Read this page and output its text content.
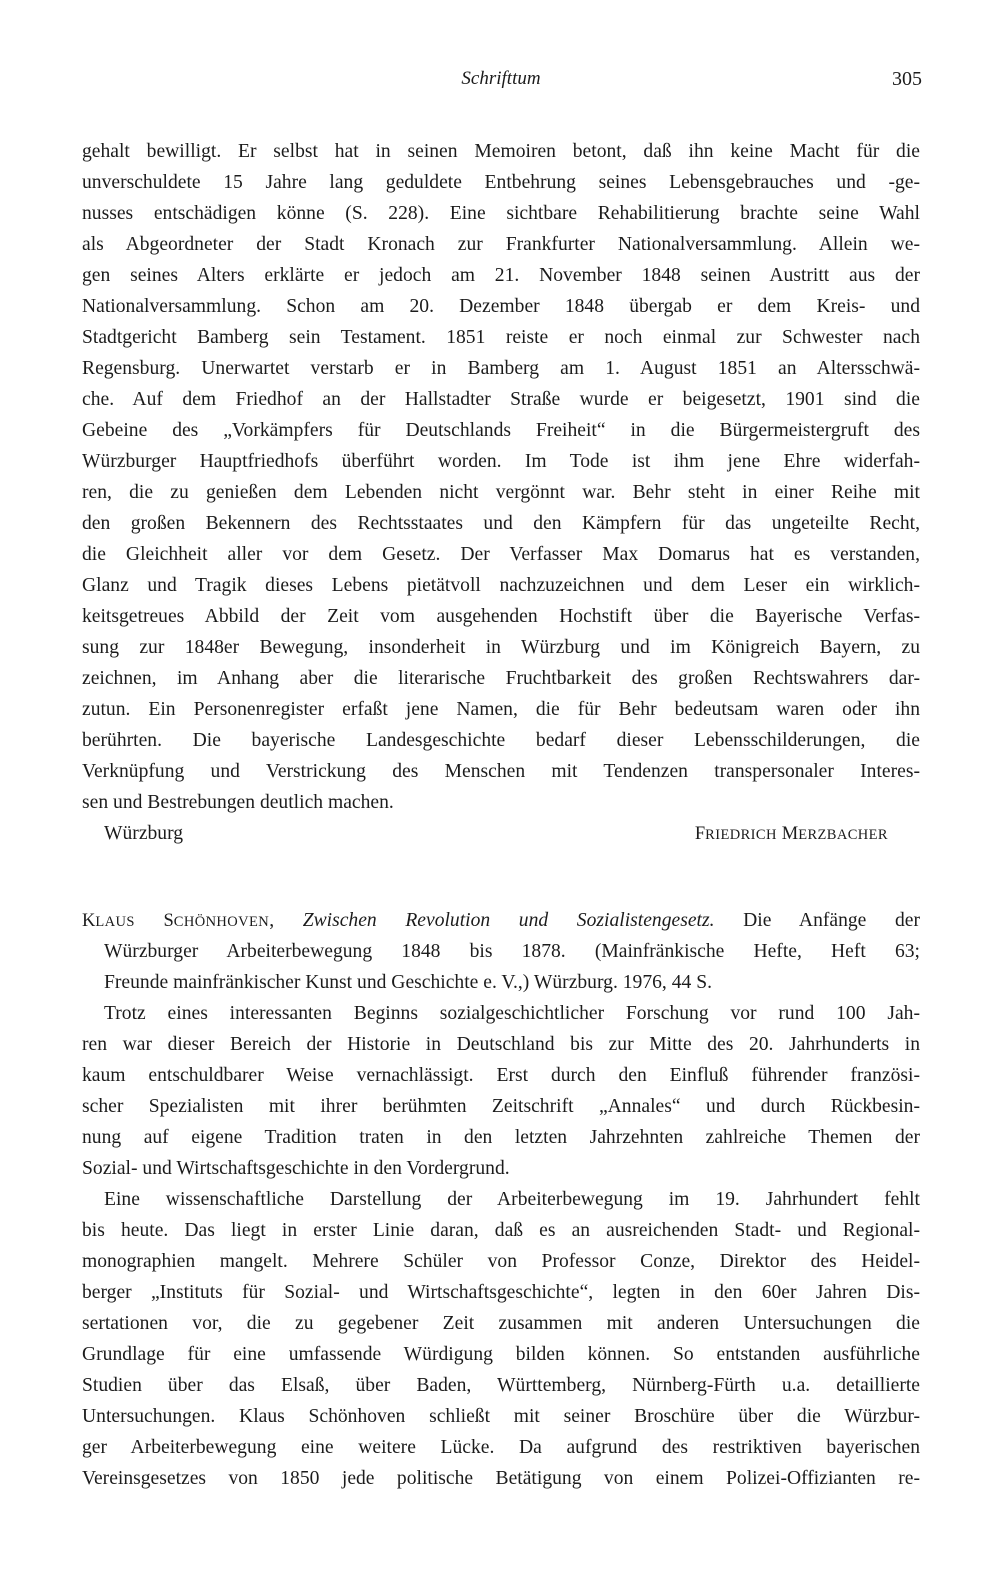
Schrifttum	305
gehalt bewilligt. Er selbst hat in seinen Memoiren betont, daß ihn keine Macht für die
unverschuldete 15 Jahre lang geduldete Entbehrung seines Lebensgebrauches und -ge-
nusses entschädigen könne (S. 228). Eine sichtbare Rehabilitierung brachte seine Wahl
als Abgeordneter der Stadt Kronach zur Frankfurter Nationalversammlung. Allein we-
gen seines Alters erklärte er jedoch am 21. November 1848 seinen Austritt aus der
Nationalversammlung. Schon am 20. Dezember 1848 übergab er dem Kreis- und
Stadtgericht Bamberg sein Testament. 1851 reiste er noch einmal zur Schwester nach
Regensburg. Unerwartet verstarb er in Bamberg am 1. August 1851 an Altersschwä-
che. Auf dem Friedhof an der Hallstadter Straße wurde er beigesetzt, 1901 sind die
Gebeine des „Vorkämpfers für Deutschlands Freiheit“ in die Bürgermeistergruft des
Würzburger Hauptfriedhofs überführt worden. Im Tode ist ihm jene Ehre widerfah-
ren, die zu genießen dem Lebenden nicht vergönnt war. Behr steht in einer Reihe mit
den großen Bekennern des Rechtsstaates und den Kämpfern für das ungeteilte Recht,
die Gleichheit aller vor dem Gesetz. Der Verfasser Max Domarus hat es verstanden,
Glanz und Tragik dieses Lebens pietätvoll nachzuzeichnen und dem Leser ein wirklich-
keitsgetreues Abbild der Zeit vom ausgehenden Hochstift über die Bayerische Verfas-
sung zur 1848er Bewegung, insonderheit in Würzburg und im Königreich Bayern, zu
zeichnen, im Anhang aber die literarische Fruchtbarkeit des großen Rechtswahrers dar-
zutun. Ein Personenregister erfaßt jene Namen, die für Behr bedeutsam waren oder ihn
berührten. Die bayerische Landesgeschichte bedarf dieser Lebensschilderungen, die
Verknüpfung und Verstrickung des Menschen mit Tendenzen transpersonaler Interes-
sen und Bestrebungen deutlich machen.
Würzburg	FRIEDRICH MERZBACHER
KLAUS SCHÖNHOVEN, Zwischen Revolution und Sozialistengesetz. Die Anfänge der
Würzburger Arbeiterbewegung 1848 bis 1878. (Mainfränkische Hefte, Heft 63;
Freunde mainfränkischer Kunst und Geschichte e. V.,) Würzburg. 1976, 44 S.
Trotz eines interessanten Beginns sozialgeschichtlicher Forschung vor rund 100 Jah-
ren war dieser Bereich der Historie in Deutschland bis zur Mitte des 20. Jahrhunderts in
kaum entschuldbarer Weise vernachlässigt. Erst durch den Einfluß führender französi-
scher Spezialisten mit ihrer berühmten Zeitschrift „Annales“ und durch Rückbesin-
nung auf eigene Tradition traten in den letzten Jahrzehnten zahlreiche Themen der
Sozial- und Wirtschaftsgeschichte in den Vordergrund.
Eine wissenschaftliche Darstellung der Arbeiterbewegung im 19. Jahrhundert fehlt
bis heute. Das liegt in erster Linie daran, daß es an ausreichenden Stadt- und Regional-
monographien mangelt. Mehrere Schüler von Professor Conze, Direktor des Heidel-
berger „Instituts für Sozial- und Wirtschaftsgeschichte“, legten in den 60er Jahren Dis-
sertationen vor, die zu gegebener Zeit zusammen mit anderen Untersuchungen die
Grundlage für eine umfassende Würdigung bilden können. So entstanden ausführliche
Studien über das Elsaß, über Baden, Württemberg, Nürnberg-Fürth u.a. detaillierte
Untersuchungen. Klaus Schönhoven schließt mit seiner Broschüre über die Würzbur-
ger Arbeiterbewegung eine weitere Lücke. Da aufgrund des restriktiven bayerischen
Vereinsgesetzes von 1850 jede politische Betätigung von einem Polizei-Offizianten re-
